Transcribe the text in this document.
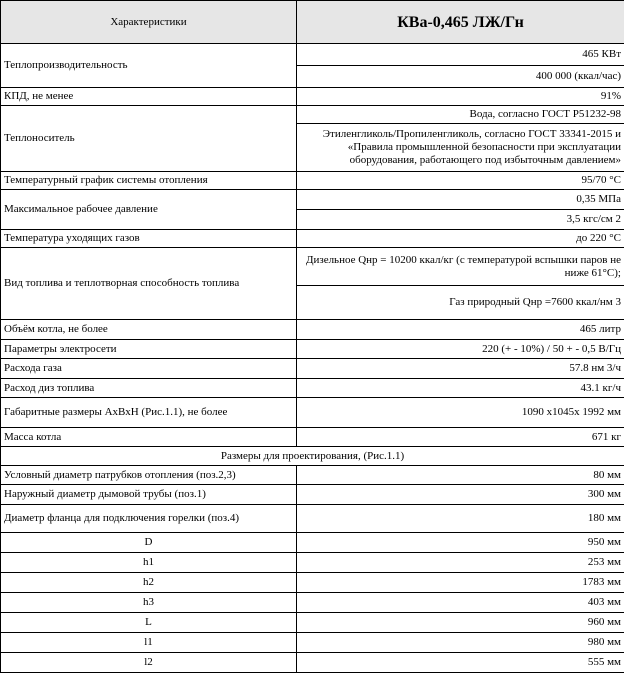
Характеристики	КВа-0,465 ЛЖ/Гн
Теплопроизводительность	465 КВт
	400 000 (ккал/час)
КПД, не менее	91%
Теплоноситель	Вода, согласно ГОСТ Р51232-98
	Этиленгликоль/Пропиленгликоль, согласно ГОСТ 33341-2015 и «Правила промышленной безопасности при эксплуатации оборудования, работающего под избыточным давлением»
Температурный график системы отопления	95/70 °С
Максимальное рабочее давление	0,35 МПа
	3,5 кгс/см 2
Температура уходящих газов	до 220 °С
Вид топлива и теплотворная способность топлива	Дизельное Qнр = 10200 ккал/кг (с температурой вспышки паров не ниже 61°С);
	Газ природный Qнр =7600 ккал/нм 3
Объём котла, не более	465 литр
Параметры электросети	220 (+ - 10%) / 50 + - 0,5 В/Гц
Расхода газа	57.8 нм 3/ч
Расход диз топлива	43.1 кг/ч
Габаритные размеры АхВхН (Рис.1.1), не более	1090 х1045х 1992 мм
Масса котла	671 кг
Размеры для проектирования, (Рис.1.1)	
Условный диаметр патрубков отопления (поз.2,3)	80 мм
Наружный диаметр дымовой трубы (поз.1)	300 мм
Диаметр фланца для подключения горелки (поз.4)	180 мм
D	950 мм
h1	253 мм
h2	1783 мм
h3	403 мм
L	960 мм
l1	980 мм
l2	555 мм
